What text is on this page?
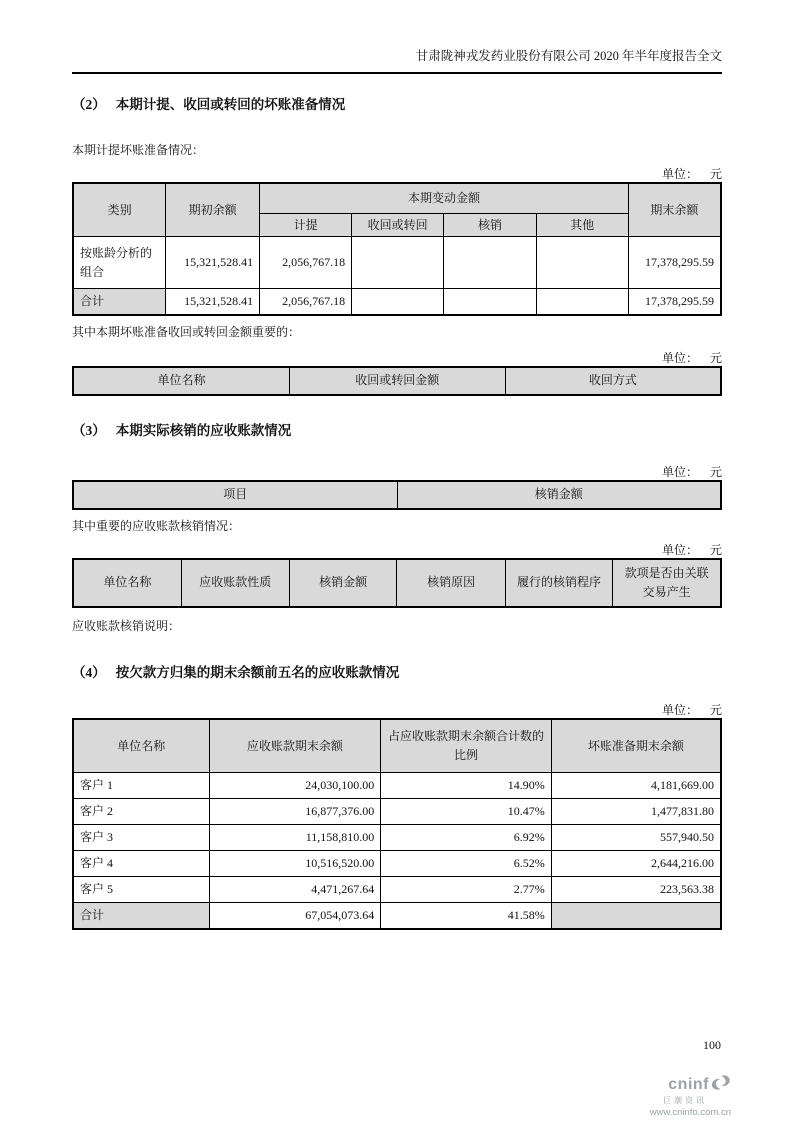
甘肃陇神戎发药业股份有限公司 2020 年半年度报告全文
（2） 本期计提、收回或转回的坏账准备情况
本期计提坏账准备情况：
单位： 元
类别	期初余额	本期变动金额				期末余额
		计提	收回或转回	核销	其他	
按账龄分析的组合	15,321,528.41	2,056,767.18				17,378,295.59
合计	15,321,528.41	2,056,767.18				17,378,295.59
其中本期坏账准备收回或转回金额重要的：
单位： 元
单位名称	收回或转回金额	收回方式
（3） 本期实际核销的应收账款情况
单位： 元
项目	核销金额
其中重要的应收账款核销情况：
单位： 元
单位名称	应收账款性质	核销金额	核销原因	履行的核销程序	款项是否由关联交易产生
应收账款核销说明：
（4） 按欠款方归集的期末余额前五名的应收账款情况
单位： 元
单位名称	应收账款期末余额	占应收账款期末余额合计数的比例	坏账准备期末余额
客户 1	24,030,100.00	14.90%	4,181,669.00
客户 2	16,877,376.00	10.47%	1,477,831.80
客户 3	11,158,810.00	6.92%	557,940.50
客户 4	10,516,520.00	6.52%	2,644,216.00
客户 5	4,471,267.64	2.77%	223,563.38
合计	67,054,073.64	41.58%	
100
cninf
巨潮资讯
www.cninfo.com.cn
